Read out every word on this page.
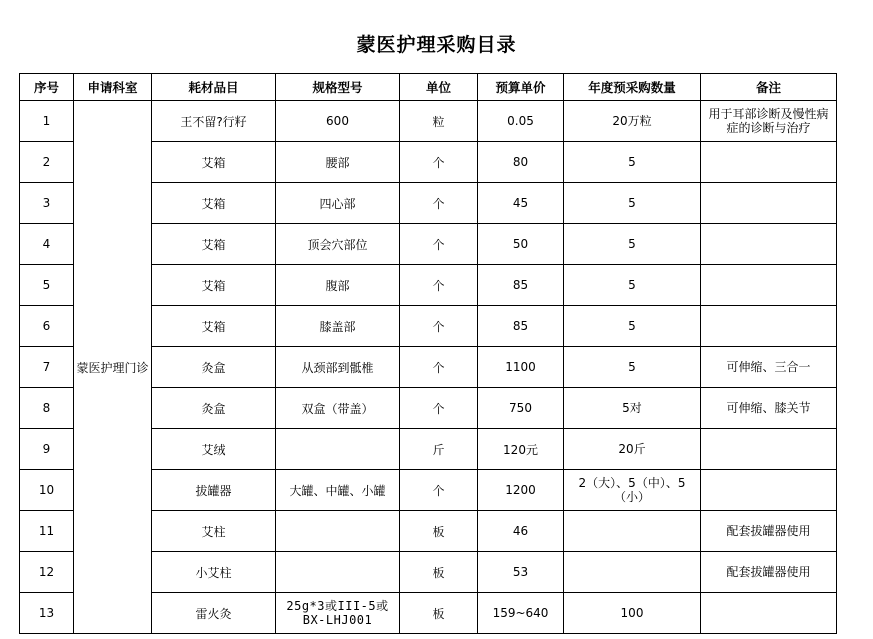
蒙医护理采购目录
序号	申请科室	耗材品目	规格型号	单位	预算单价	年度预采购数量	备注
1	蒙医护理门诊	王不留?行籽	600	粒	0.05	20万粒	用于耳部诊断及慢性病症的诊断与治疗
2		艾箱	腰部	个	80	5	
3		艾箱	四心部	个	45	5	
4		艾箱	顶会穴部位	个	50	5	
5		艾箱	腹部	个	85	5	
6		艾箱	膝盖部	个	85	5	
7		灸盒	从颈部到骶椎	个	1100	5	可伸缩、三合一
8		灸盒	双盒（带盖）	个	750	5对	可伸缩、膝关节
9		艾绒		斤	120元	20斤	
10		拔罐器	大罐、中罐、小罐	个	1200	2（大）、5（中）、5（小）	
11		艾柱		板	46		配套拔罐器使用
12		小艾柱		板	53		配套拔罐器使用
13		雷火灸	25g*3或III-5或BX-LHJ001	板	159~640	100	
